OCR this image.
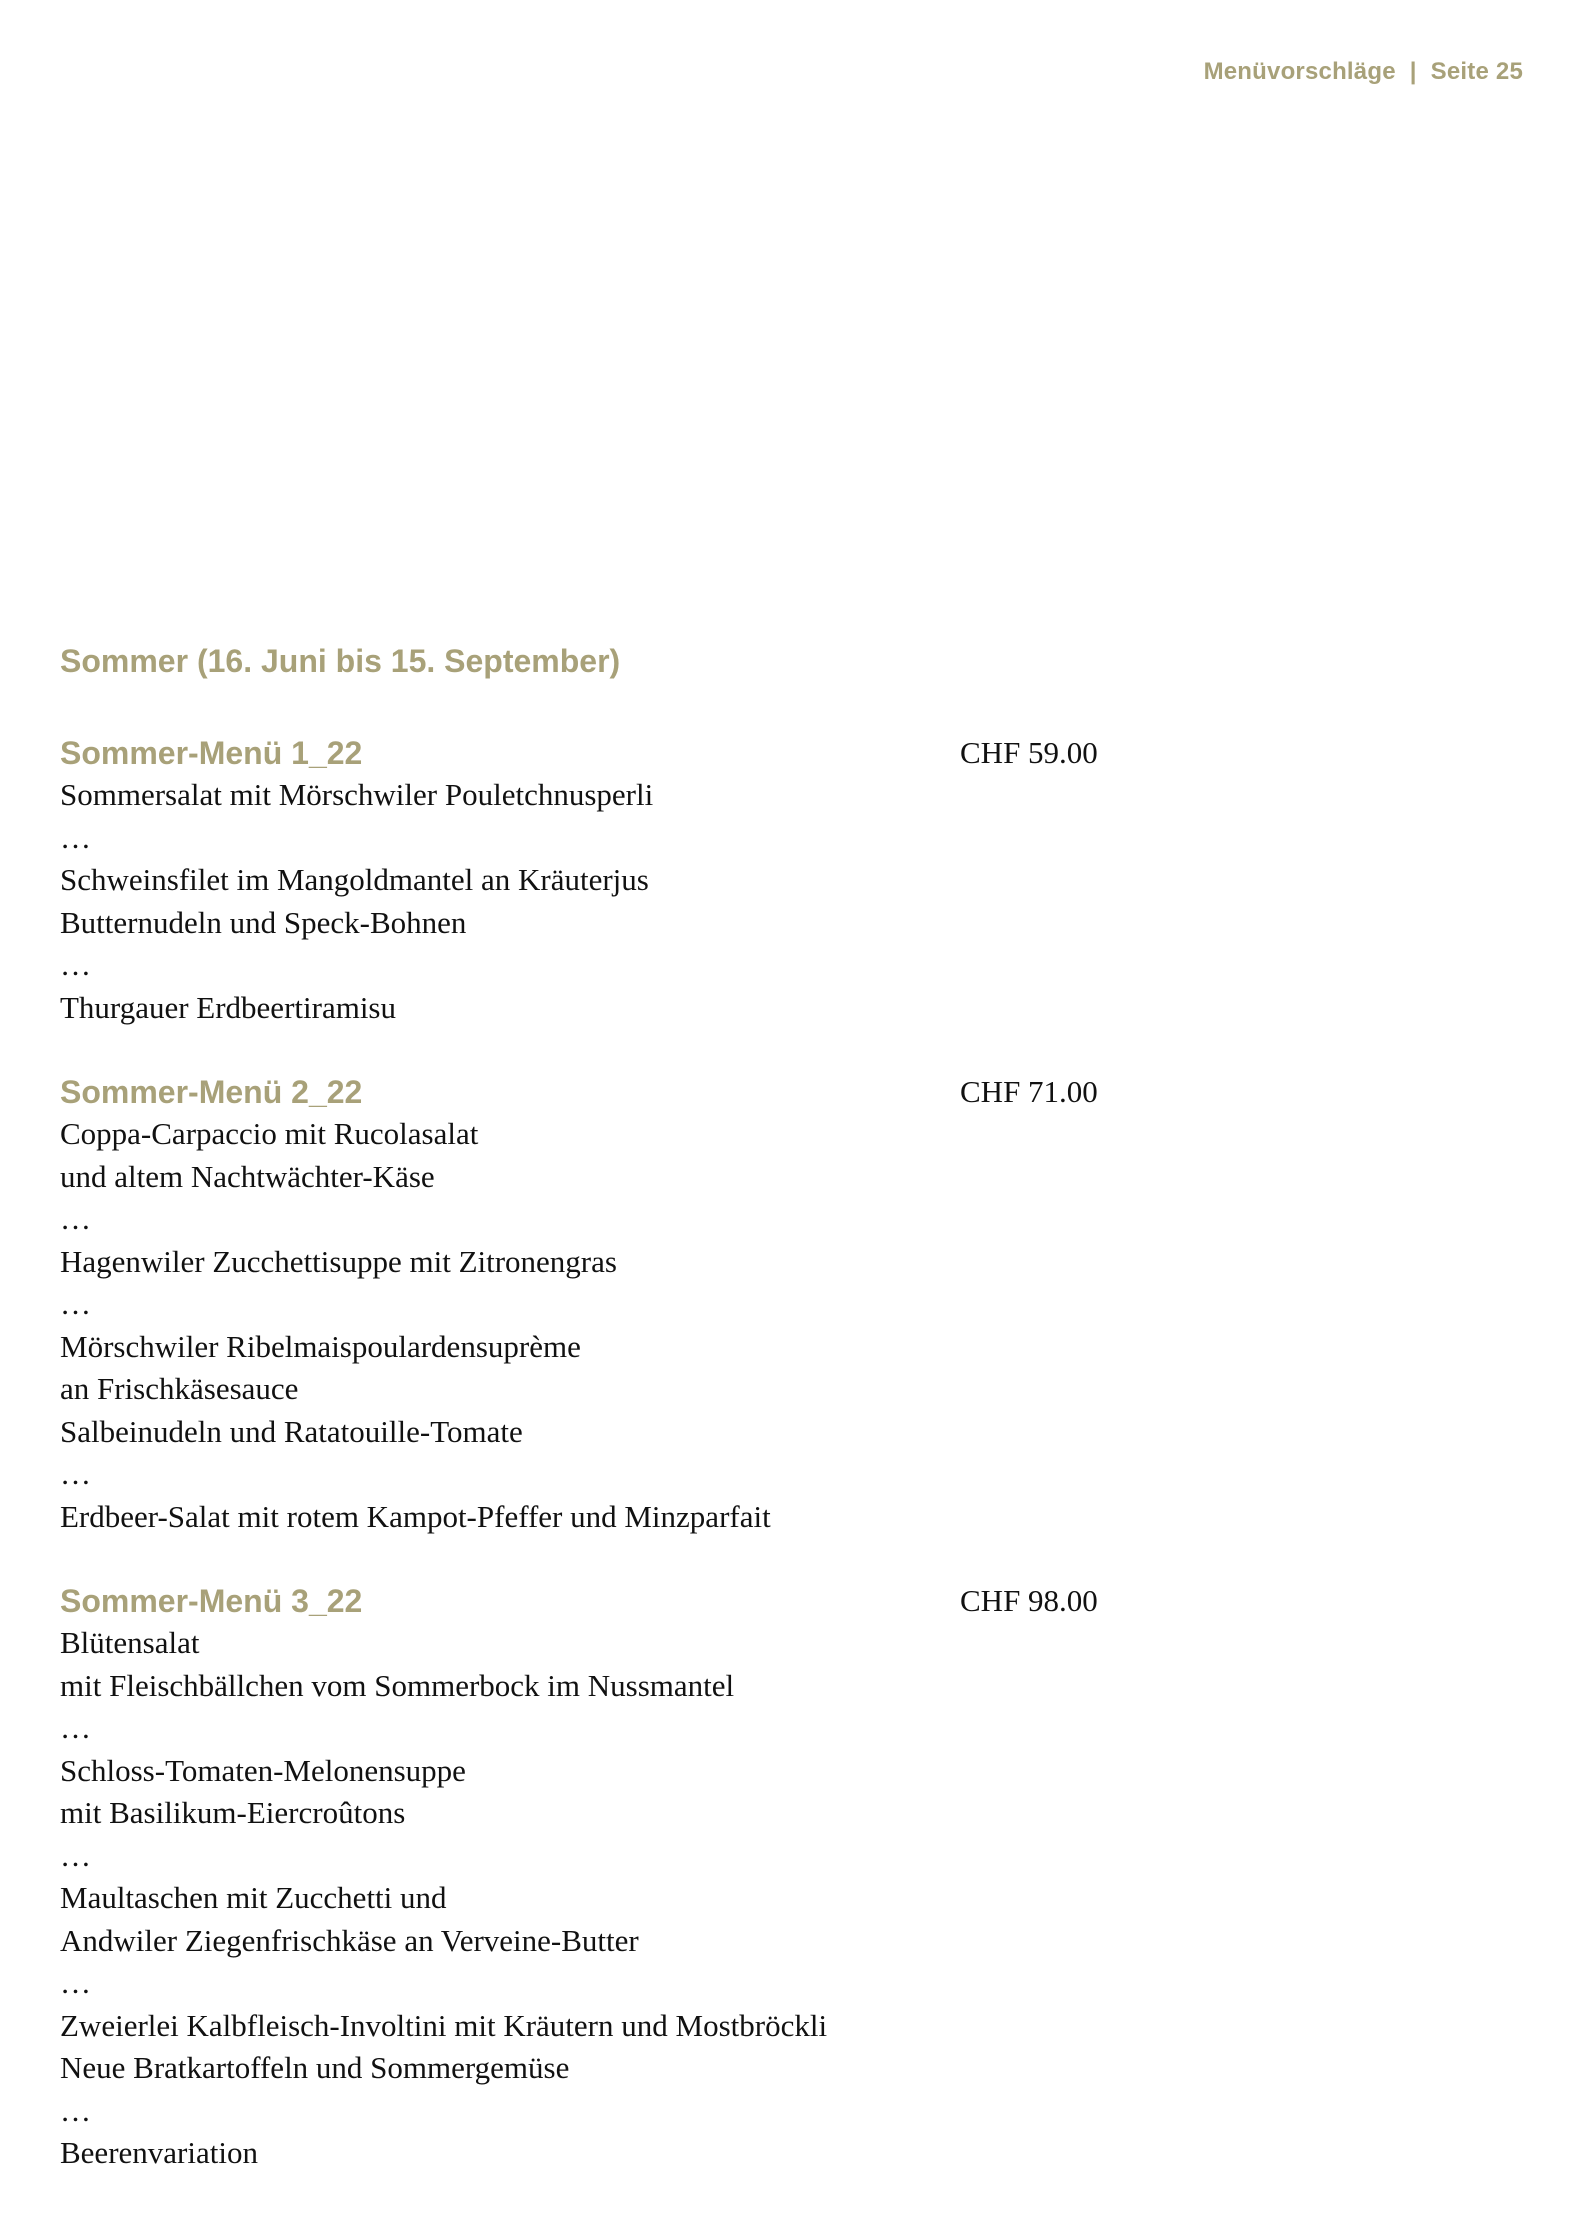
Menüvorschläge | Seite 25
Sommer (16. Juni bis 15. September)
Sommer-Menü 1_22	CHF 59.00
Sommersalat mit Mörschwiler Pouletchnusperli
…
Schweinsfilet im Mangoldmantel an Kräuterjus
Butternudeln und Speck-Bohnen
…
Thurgauer Erdbeertiramisu
Sommer-Menü 2_22	CHF 71.00
Coppa-Carpaccio mit Rucolasalat
und altem Nachtwächter-Käse
…
Hagenwiler Zucchettisuppe mit Zitronengras
…
Mörschwiler Ribelmaispoulardensuprème
an Frischkäsesauce
Salbeinudeln und Ratatouille-Tomate
…
Erdbeer-Salat mit rotem Kampot-Pfeffer und Minzparfait
Sommer-Menü 3_22	CHF 98.00
Blütensalat
mit Fleischbällchen vom Sommerbock im Nussmantel
…
Schloss-Tomaten-Melonensuppe
mit Basilikum-Eiercroûtons
…
Maultaschen mit Zucchetti und
Andwiler Ziegenfrischkäse an Verveine-Butter
…
Zweierlei Kalbfleisch-Involtini mit Kräutern und Mostbröckli
Neue Bratkartoffeln und Sommergemüse
…
Beerenvariation
